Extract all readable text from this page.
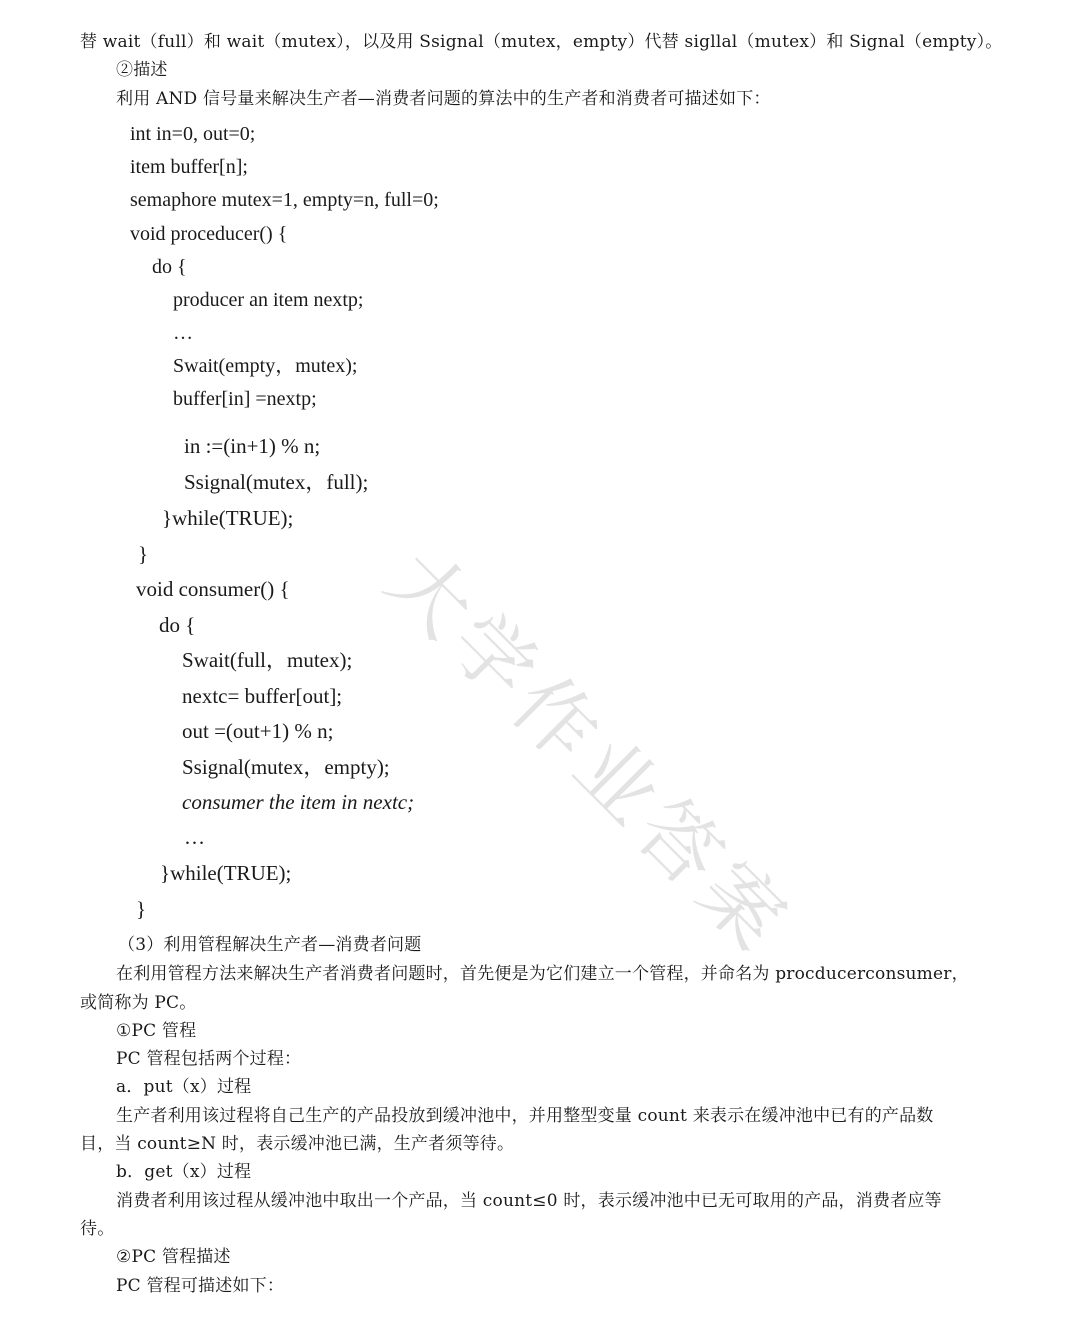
替 wait（full）和 wait（mutex），以及用 Ssignal（mutex，empty）代替 sigllal（mutex）和 Signal（empty）。
②描述
利用 AND 信号量来解决生产者—消费者问题的算法中的生产者和消费者可描述如下：
int in=0, out=0;
item buffer[n];
semaphore mutex=1, empty=n, full=0;
void proceducer() {
do {
producer an item nextp;
…
Swait(empty，mutex);
buffer[in] =nextp;
in :=(in+1) % n;
Ssignal(mutex，full);
}while(TRUE);
}
void consumer() {
do {
Swait(full，mutex);
nextc= buffer[out];
out =(out+1) % n;
Ssignal(mutex，empty);
consumer the item in nextc;
…
}while(TRUE);
}
（3）利用管程解决生产者—消费者问题
在利用管程方法来解决生产者消费者问题时，首先便是为它们建立一个管程，并命名为 procducerconsumer，
或简称为 PC。
①PC 管程
PC 管程包括两个过程：
a．put（x）过程
生产者利用该过程将自己生产的产品投放到缓冲池中，并用整型变量 count 来表示在缓冲池中已有的产品数
目，当 count≥N 时，表示缓冲池已满，生产者须等待。
b．get（x）过程
消费者利用该过程从缓冲池中取出一个产品，当 count≤0 时，表示缓冲池中已无可取用的产品，消费者应等
待。
②PC 管程描述
PC 管程可描述如下：
大学作业答案
